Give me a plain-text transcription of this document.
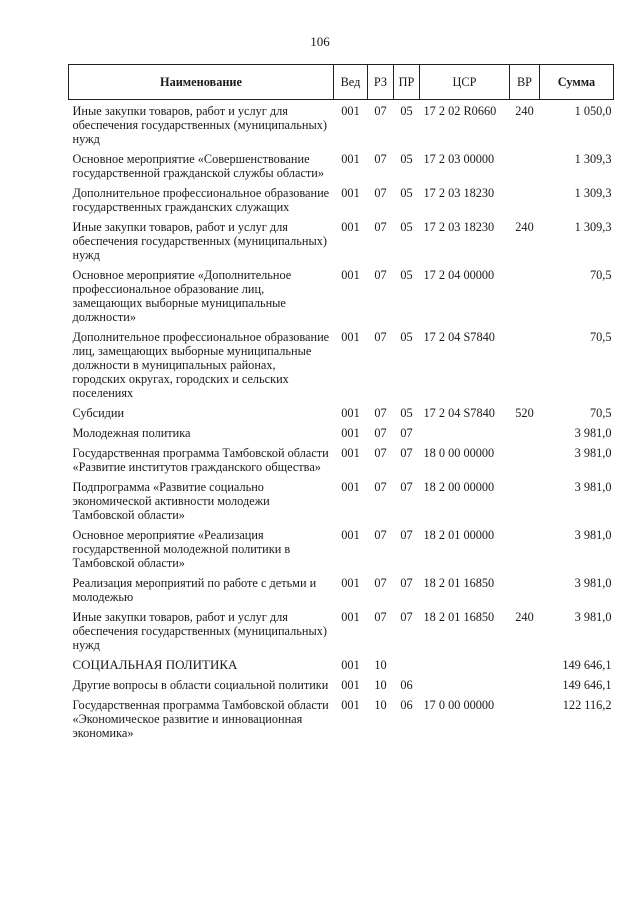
106
Наименование	Вед	РЗ	ПР	ЦСР	ВР	Сумма
Иные закупки товаров, работ и услуг для обеспечения государственных (муниципальных) нужд	001	07	05	17 2 02 R0660	240	1 050,0
Основное мероприятие «Совершенствование государственной гражданской службы области»	001	07	05	17 2 03 00000		1 309,3
Дополнительное профессиональное образование государственных гражданских служащих	001	07	05	17 2 03 18230		1 309,3
Иные закупки товаров, работ и услуг для обеспечения государственных (муниципальных) нужд	001	07	05	17 2 03 18230	240	1 309,3
Основное мероприятие «Дополнительное профессиональное образование лиц, замещающих выборные муниципальные должности»	001	07	05	17 2 04 00000		70,5
Дополнительное профессиональное образование лиц, замещающих выборные муниципальные должности в муниципальных районах, городских округах, городских и сельских поселениях	001	07	05	17 2 04 S7840		70,5
Субсидии	001	07	05	17 2 04 S7840	520	70,5
Молодежная политика	001	07	07			3 981,0
Государственная программа Тамбовской области «Развитие институтов гражданского общества»	001	07	07	18 0 00 00000		3 981,0
Подпрограмма «Развитие социально экономической активности молодежи Тамбовской области»	001	07	07	18 2 00 00000		3 981,0
Основное мероприятие «Реализация государственной молодежной политики в Тамбовской области»	001	07	07	18 2 01 00000		3 981,0
Реализация мероприятий по работе с детьми и молодежью	001	07	07	18 2 01 16850		3 981,0
Иные закупки товаров, работ и услуг для обеспечения государственных (муниципальных) нужд	001	07	07	18 2 01 16850	240	3 981,0
СОЦИАЛЬНАЯ ПОЛИТИКА	001	10				149 646,1
Другие вопросы в области социальной политики	001	10	06			149 646,1
Государственная программа Тамбовской области «Экономическое развитие и инновационная экономика»	001	10	06	17 0 00 00000		122 116,2
